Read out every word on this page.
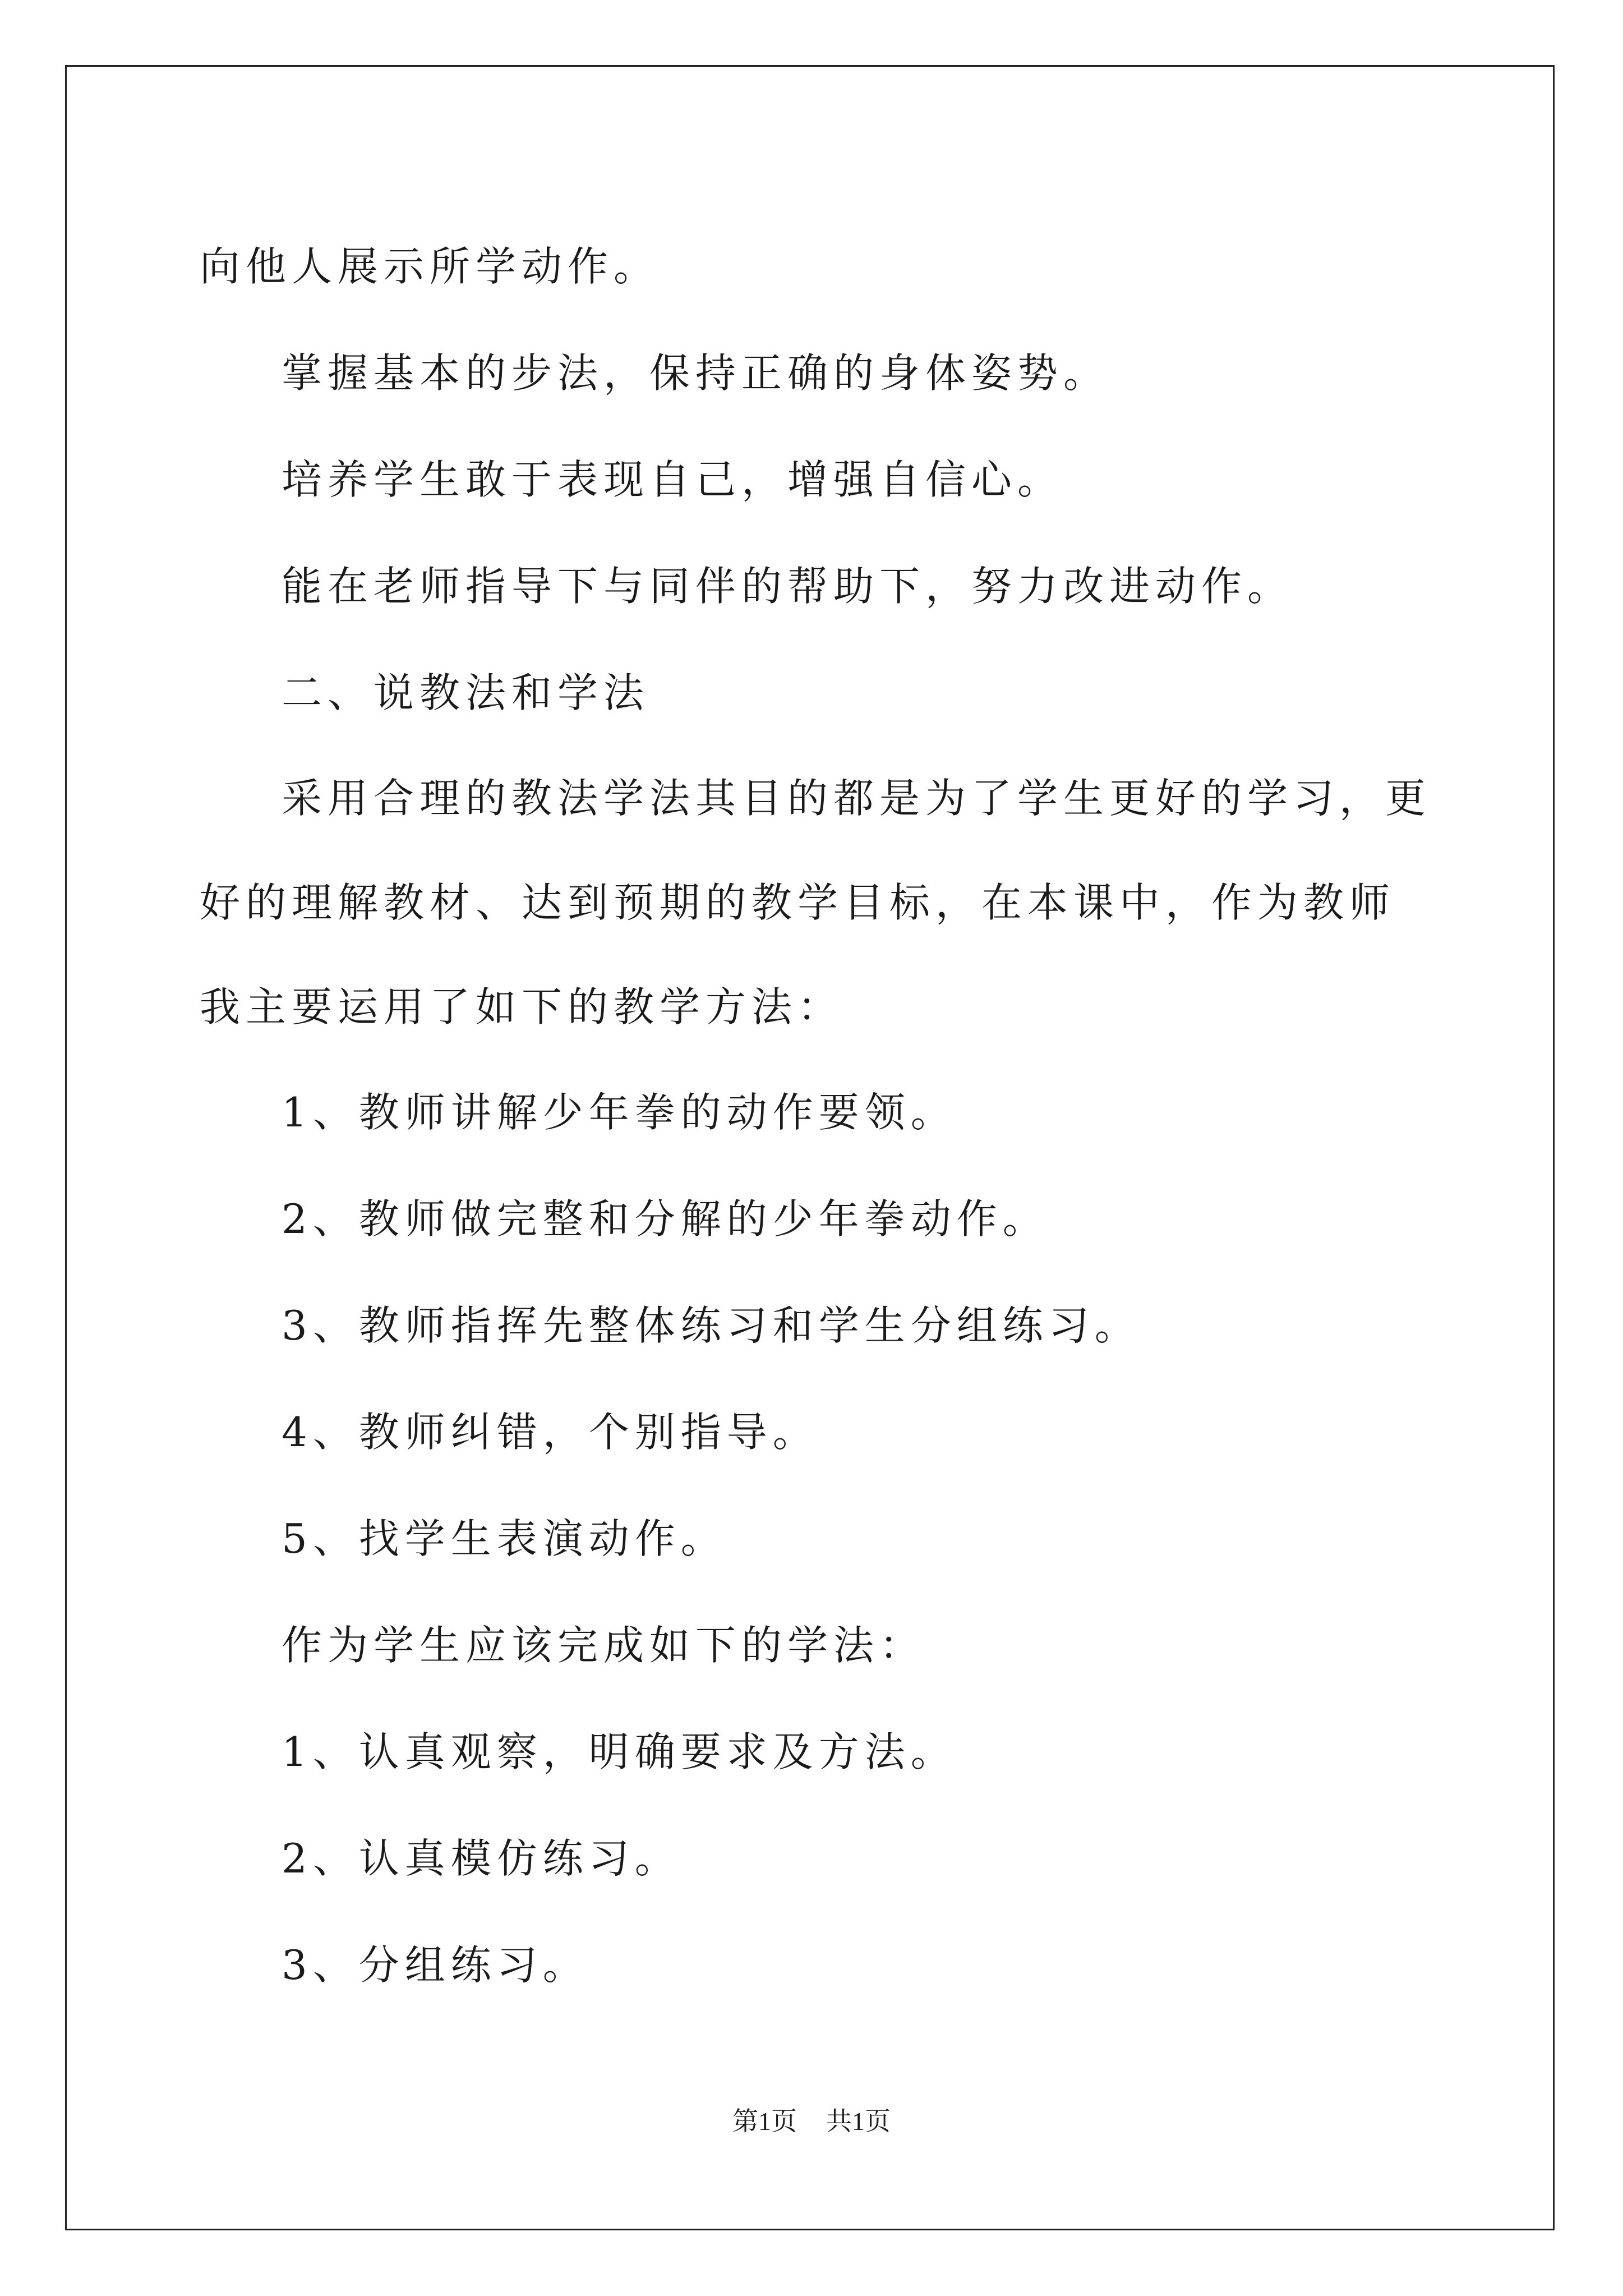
向他人展示所学动作。

掌握基本的步法，保持正确的身体姿势。

培养学生敢于表现自己，增强自信心。

能在老师指导下与同伴的帮助下，努力改进动作。

二、说教法和学法

采用合理的教法学法其目的都是为了学生更好的学习，更好的理解教材、达到预期的教学目标，在本课中，作为教师我主要运用了如下的教学方法：

1、教师讲解少年拳的动作要领。

2、教师做完整和分解的少年拳动作。

3、教师指挥先整体练习和学生分组练习。

4、教师纠错，个别指导。

5、找学生表演动作。

作为学生应该完成如下的学法：

1、认真观察，明确要求及方法。

2、认真模仿练习。

3、分组练习。

第1页 共1页
